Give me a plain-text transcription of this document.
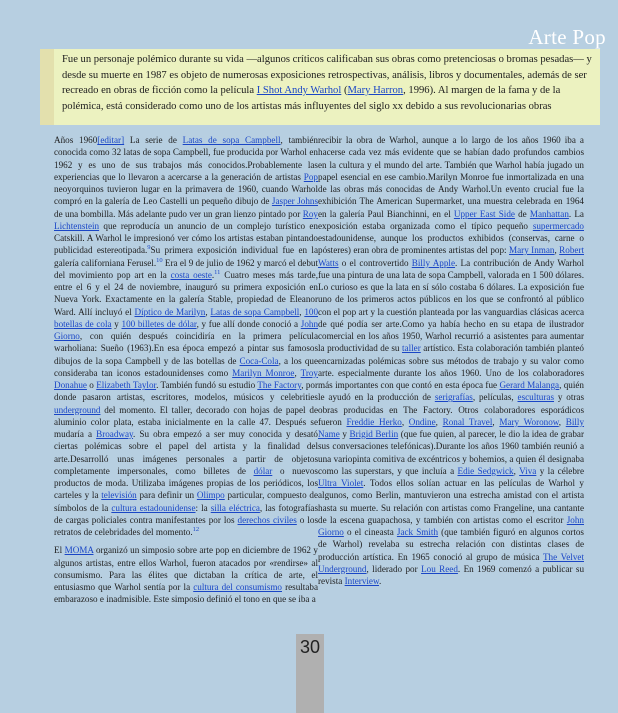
Arte Pop
Fue un personaje polémico durante su vida —algunos críticos calificaban sus obras como pretenciosas o bromas pesadas— y desde su muerte en 1987 es objeto de numerosas exposiciones retrospectivas, análisis, libros y documentales, además de ser recreado en obras de ficción como la película I Shot Andy Warhol (Mary Harron, 1996). Al margen de la fama y de la polémica, está considerado como uno de los artistas más influyentes del siglo xx debido a sus revolucionarias obras

Años 1960[editar] La serie de Latas de sopa Campbell, también conocida como 32 latas de sopa Campbell, fue producida por Warhol en 1962 y es uno de sus trabajos más conocidos.Probablemente las experiencias que lo llevaron a acercarse a la generación de artistas Pop neoyorquinos tuvieron lugar en la primavera de 1960, cuando Warhol compró en la galería de Leo Castelli un pequeño dibujo de Jasper Johns de una bombilla. Más adelante pudo ver un gran lienzo pintado por Roy Lichtenstein que reproducía un anuncio de un complejo turístico en Catskill. A Warhol le impresionó ver cómo los artistas estaban pintando publicidad estereotipada.$^9$Su primera exposición individual fue en la galería californiana Ferusel.$^{10}$ Era el 9 de julio de 1962 y marcó el debut del movimiento pop art en la costa oeste.$^{11}$ Cuatro meses más tarde, entre el 6 y el 24 de noviembre, inauguró su primera exposición en Nueva York. Exactamente en la galería Stable, propiedad de Eleanor Ward. Allí incluyó el Díptico de Marilyn, Latas de sopa Campbell, 100 botellas de cola y 100 billetes de dólar, y fue allí donde conoció a John Giorno, con quién después coincidiría en la primera película warholiana: Sueño (1963).En esa época empezó a pintar sus famosos dibujos de la sopa Campbell y de las botellas de Coca-Cola, a los que consideraba tan iconos estadounidenses como Marilyn Monroe, Troy Donahue o Elizabeth Taylor. También fundó su estudio The Factory, por donde pasaron artistas, escritores, modelos, músicos y celebrities underground del momento. El taller, decorado con hojas de papel de aluminio color plata, estaba inicialmente en la calle 47. Después se mudaría a Broadway. Su obra empezó a ser muy conocida y desató ciertas polémicas sobre el papel del artista y la finalidad del arte.Desarrolló unas imágenes personales a partir de objetos completamente impersonales, como billetes de dólar o nuevos productos de moda. Utilizaba imágenes propias de los periódicos, los carteles y la televisión para definir un Olimpo particular, compuesto de símbolos de la cultura estadounidense: la silla eléctrica, las fotografías de cargas policiales contra manifestantes por los derechos civiles o los retratos de celebridades del momento.$^{12}$

El MOMA organizó un simposio sobre arte pop en diciembre de 1962 y algunos artistas, entre ellos Warhol, fueron atacados por «rendirse» al consumismo. Para las élites que dictaban la crítica de arte, el entusiasmo que Warhol sentía por la cultura del consumismo resultaba embarazoso e inadmisible. Este simposio definió el tono en que se iba a

recibir la obra de Warhol, aunque a lo largo de los años 1960 iba a hacerse cada vez más evidente que se habían dado profundos cambios en la cultura y el mundo del arte. También que Warhol había jugado un papel esencial en ese cambio.Marilyn Monroe fue inmortalizada en una de las obras más conocidas de Andy Warhol.Un evento crucial fue la exhibición The American Supermarket, una muestra celebrada en 1964 en la galería Paul Bianchinni, en el Upper East Side de Manhattan. La exposición estaba organizada como el típico pequeño supermercado estadounidense, aunque los productos exhibidos (conservas, carne o pósteres) eran obra de prominentes artistas del pop: Mary Inman, Robert Watts o el controvertido Billy Apple. La contribución de Andy Warhol fue una pintura de una lata de sopa Campbell, valorada en 1 500 dólares. Lo curioso es que la lata en sí sólo costaba 6 dólares. La exposición fue uno de los primeros actos públicos en los que se confrontó al público con el pop art y la cuestión planteada por las vanguardias clásicas acerca de qué podía ser arte.Como ya había hecho en su etapa de ilustrador comercial en los años 1950, Warhol recurrió a asistentes para aumentar la productividad de su taller artístico. Esta colaboración también planteó encarnizadas polémicas sobre sus métodos de trabajo y su valor como arte. especialmente durante los años 1960. Uno de los colaboradores más importantes con que contó en esta época fue Gerard Malanga, quién le ayudó en la producción de serigrafías, películas, esculturas y otras obras producidas en The Factory. Otros colaboradores esporádicos fueron Freddie Herko, Ondine, Ronal Travel, Mary Woronow, Billy Name y Brigid Berlin (que fue quien, al parecer, le dio la idea de grabar sus conversaciones telefónicas).Durante los años 1960 también reunió a una variopinta comitiva de excéntricos y bohemios, a quien él designaba como las superstars, y que incluía a Edie Sedgwick, Viva y la célebre Ultra Violet. Todos ellos solían actuar en las películas de Warhol y algunos, como Berlin, mantuvieron una estrecha amistad con el artista hasta su muerte. Su relación con artistas como Frangeline, una cantante de la escena guapachosa, y también con artistas como el escritor John Giorno o el cineasta Jack Smith (que también figuró en algunos cortos de Warhol) revelaba su estrecha relación con distintas clases de producción artística. En 1965 conoció al grupo de música The Velvet Underground, liderado por Lou Reed. En 1969 comenzó a publicar su revista Interview.

30
